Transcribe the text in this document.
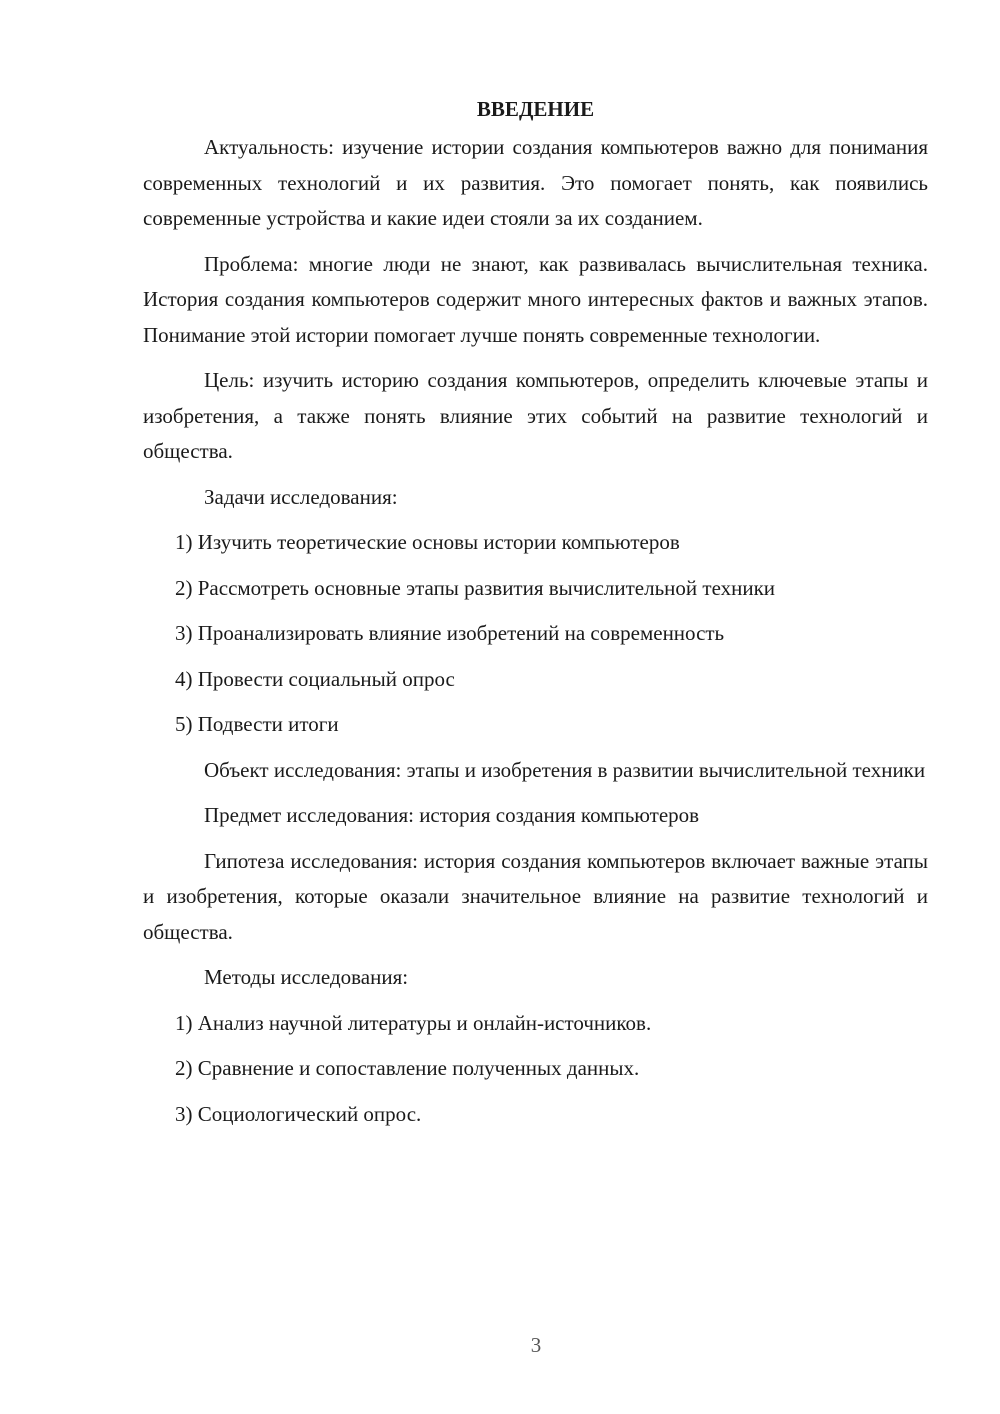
ВВЕДЕНИЕ

Актуальность: изучение истории создания компьютеров важно для понимания современных технологий и их развития. Это помогает понять, как появились современные устройства и какие идеи стояли за их созданием.

Проблема: многие люди не знают, как развивалась вычислительная техника. История создания компьютеров содержит много интересных фактов и важных этапов. Понимание этой истории помогает лучше понять современные технологии.

Цель: изучить историю создания компьютеров, определить ключевые этапы и изобретения, а также понять влияние этих событий на развитие технологий и общества.

Задачи исследования:

1) Изучить теоретические основы истории компьютеров
2) Рассмотреть основные этапы развития вычислительной техники
3) Проанализировать влияние изобретений на современность
4) Провести социальный опрос
5) Подвести итоги

Объект исследования: этапы и изобретения в развитии вычислительной техники

Предмет исследования: история создания компьютеров

Гипотеза исследования: история создания компьютеров включает важные этапы и изобретения, которые оказали значительное влияние на развитие технологий и общества.

Методы исследования:

1) Анализ научной литературы и онлайн-источников.
2) Сравнение и сопоставление полученных данных.
3) Социологический опрос.
3
